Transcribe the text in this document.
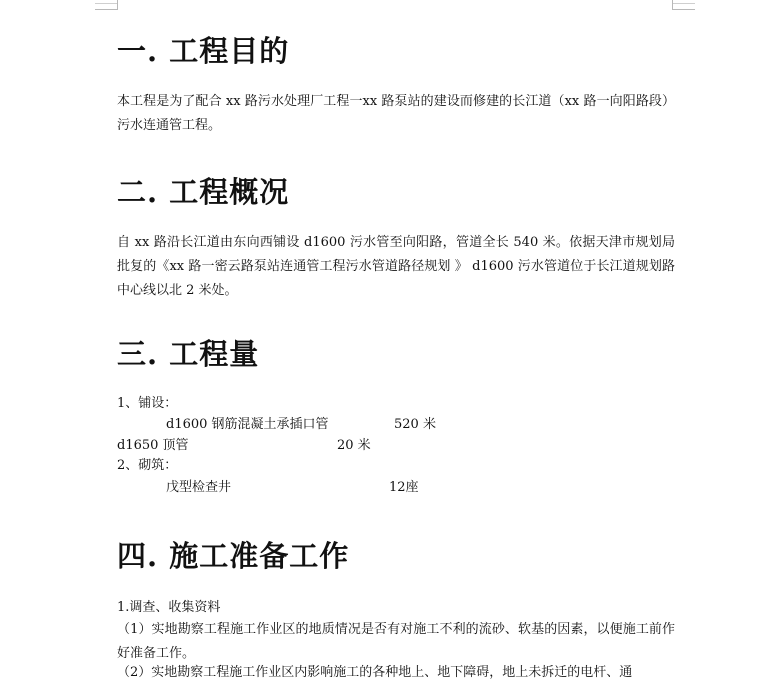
一. 工程目的

本工程是为了配合 xx 路污水处理厂工程一xx 路泵站的建设而修建的长江道（xx 路一向阳路段）污水连通管工程。

二. 工程概况

自 xx 路沿长江道由东向西铺设 d1600 污水管至向阳路，管道全长 540 米。依据天津市规划局批复的《xx 路一密云路泵站连通管工程污水管道路径规划 》 d1600 污水管道位于长江道规划路中心线以北 2 米处。

三. 工程量
1、铺设：
d1600 钢筋混凝土承插口管	520 米
d1650 顶管	20 米
2、砌筑：
戊型检查井	12座
四. 施工准备工作
1.调查、收集资料

（1）实地勘察工程施工作业区的地质情况是否有对施工不利的流砂、软基的因素，以便施工前作好准备工作。

（2）实地勘察工程施工作业区内影响施工的各种地上、地下障碍，地上未拆迁的电杆、通
